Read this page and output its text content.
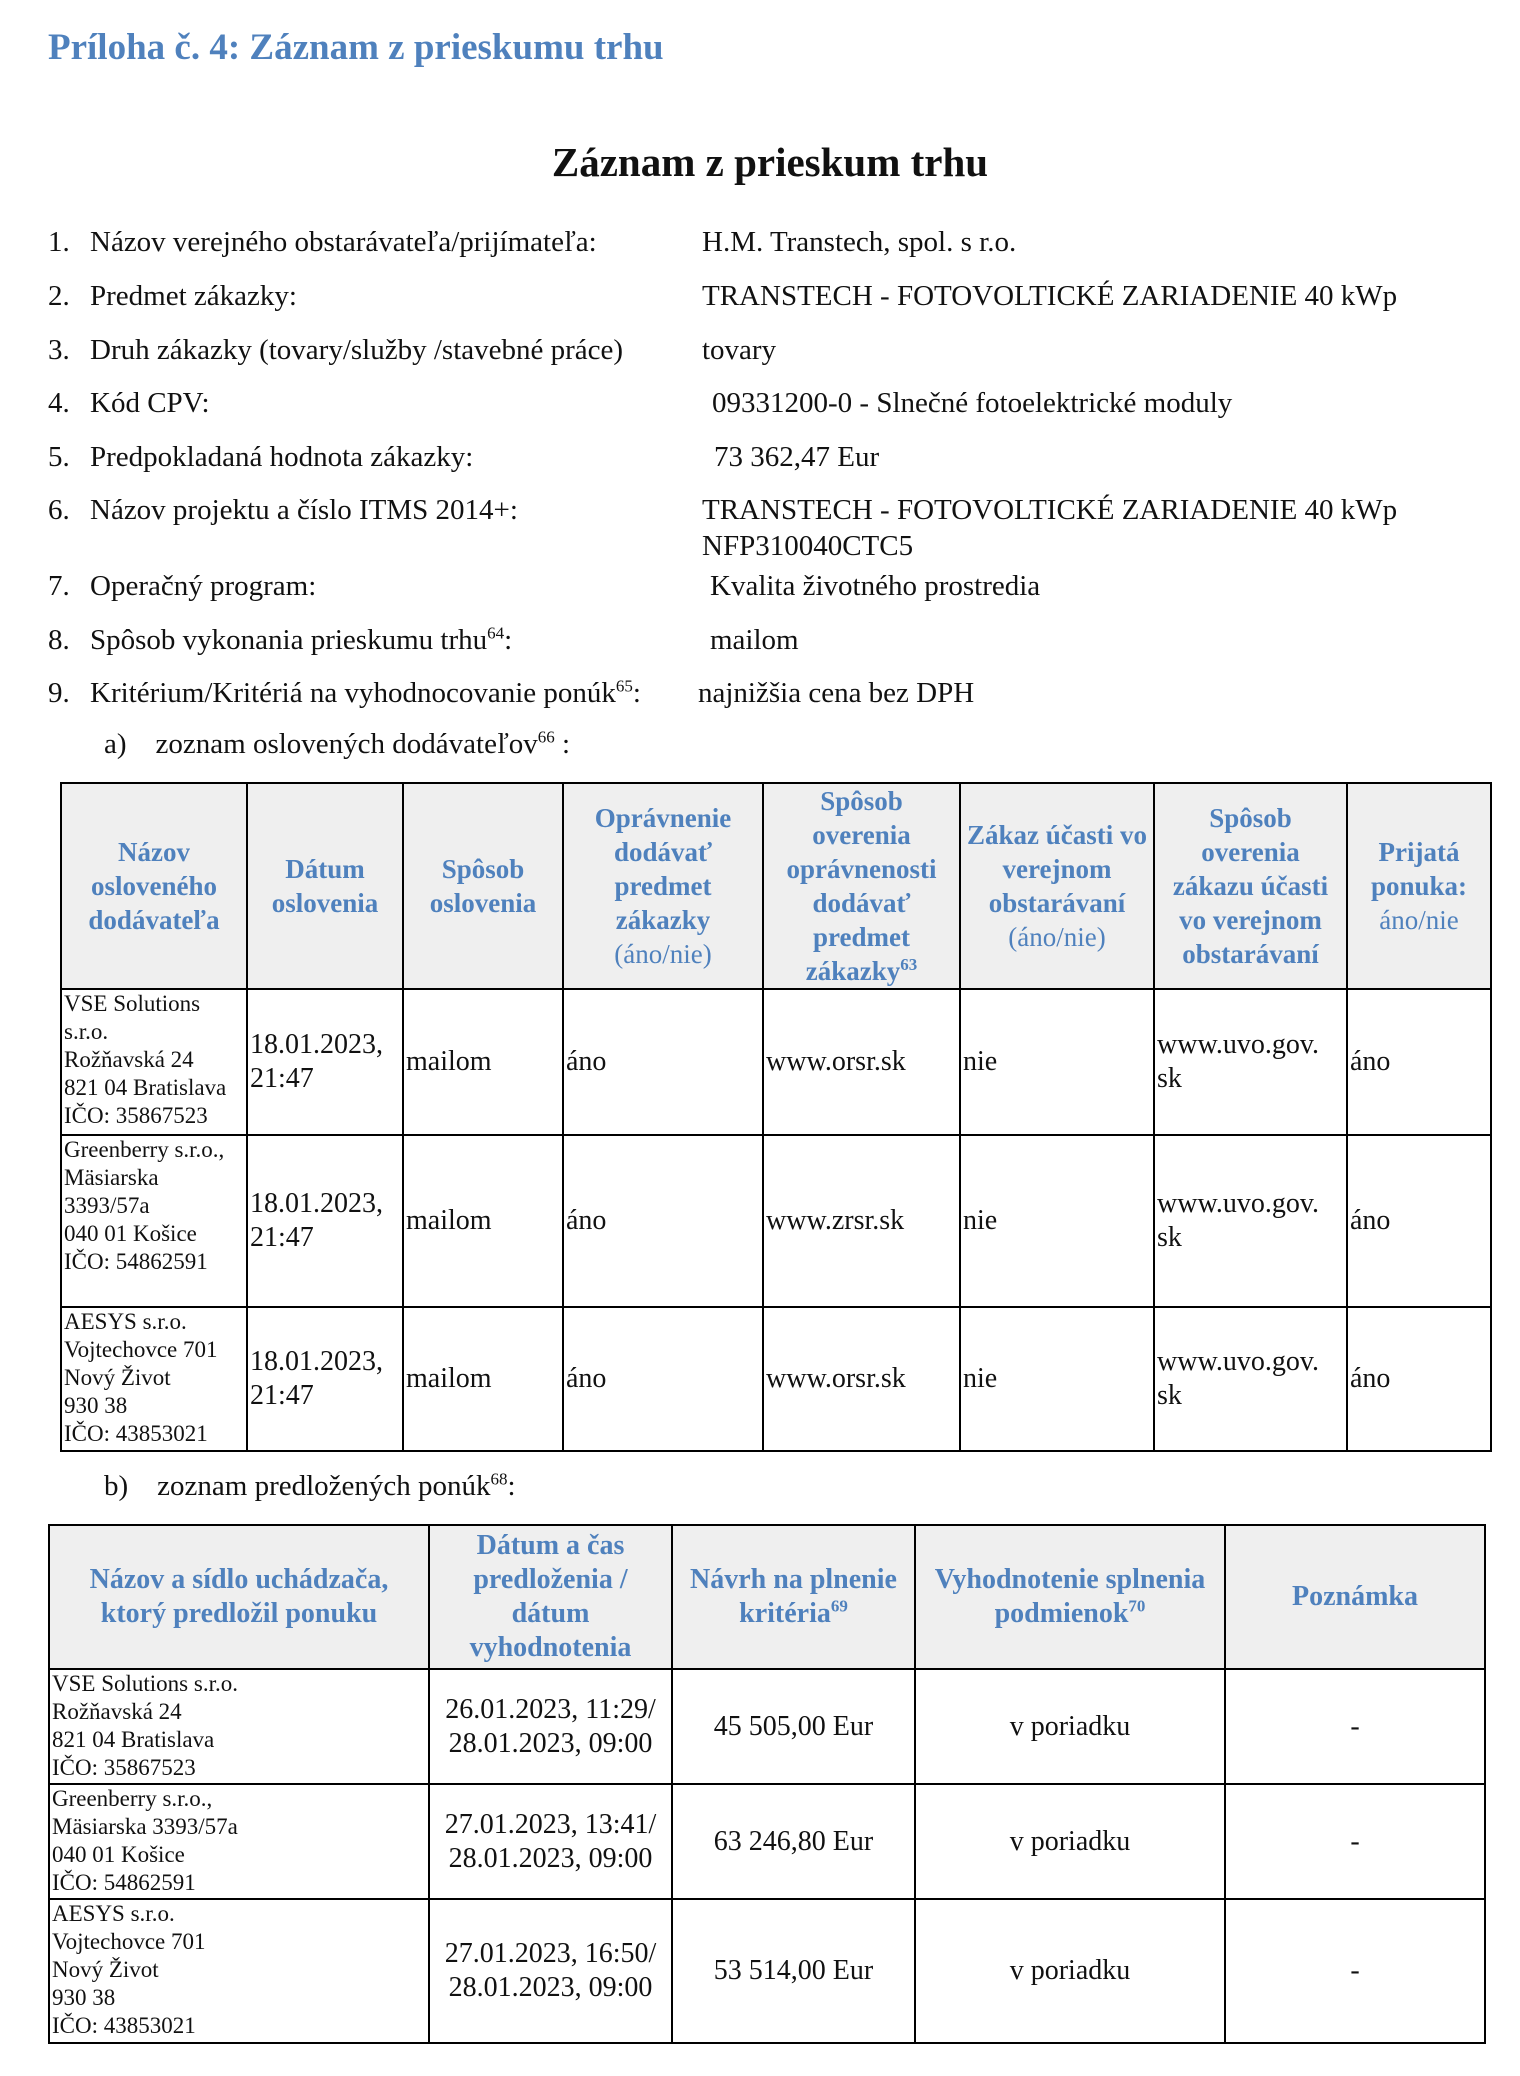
Príloha č. 4: Záznam z prieskumu trhu
Záznam z prieskum trhu
1. Názov verejného obstarávateľa/prijímateľa:	H.M. Transtech, spol. s r.o.
2. Predmet zákazky:	TRANSTECH - FOTOVOLTICKÉ ZARIADENIE 40 kWp
3. Druh zákazky (tovary/služby /stavebné práce)	tovary
4. Kód CPV:	09331200-0 - Slnečné fotoelektrické moduly
5. Predpokladaná hodnota zákazky:	73 362,47 Eur
6. Názov projektu a číslo ITMS 2014+:	TRANSTECH - FOTOVOLTICKÉ ZARIADENIE 40 kWp
NFP310040CTC5
7. Operačný program:	Kvalita životného prostredia
8. Spôsob vykonania prieskumu trhu$^{64}$:	mailom
9. Kritérium/Kritériá na vyhodnocovanie ponúk$^{65}$: najnižšia cena bez DPH
a) zoznam oslovených dodávateľov$^{66}$ :
Názov osloveného dodávateľa	Dátum oslovenia	Spôsob oslovenia	Oprávnenie dodávať predmet zákazky
(áno/nie)	Spôsob overenia oprávnenosti dodávať predmet zákazky$^{63}$	Zákaz účasti vo verejnom obstarávaní
(áno/nie)	Spôsob overenia zákazu účasti vo verejnom obstarávaní	Prijatá ponuka:
áno/nie
VSE Solutions
s.r.o.
Rožňavská 24
821 04 Bratislava
IČO: 35867523	18.01.2023,
21:47	mailom	áno	www.orsr.sk	nie	www.uvo.gov.
sk	áno
Greenberry s.r.o.,
Mäsiarska
3393/57a
040 01 Košice
IČO: 54862591	18.01.2023,
21:47	mailom	áno	www.zrsr.sk	nie	www.uvo.gov.
sk	áno
AESYS s.r.o.
Vojtechovce 701
Nový Život
930 38
IČO: 43853021	18.01.2023,
21:47	mailom	áno	www.orsr.sk	nie	www.uvo.gov.
sk	áno
b) zoznam predložených ponúk$^{68}$:
Názov a sídlo uchádzača, ktorý predložil ponuku	Dátum a čas predloženia / dátum vyhodnotenia	Návrh na plnenie kritéria$^{69}$	Vyhodnotenie splnenia podmienok$^{70}$	Poznámka
VSE Solutions s.r.o.
Rožňavská 24
821 04 Bratislava
IČO: 35867523	26.01.2023, 11:29/
28.01.2023, 09:00	45 505,00 Eur	v poriadku	-
Greenberry s.r.o.,
Mäsiarska 3393/57a
040 01 Košice
IČO: 54862591	27.01.2023, 13:41/
28.01.2023, 09:00	63 246,80 Eur	v poriadku	-
AESYS s.r.o.
Vojtechovce 701
Nový Život
930 38
IČO: 43853021	27.01.2023, 16:50/
28.01.2023, 09:00	53 514,00 Eur	v poriadku	-
